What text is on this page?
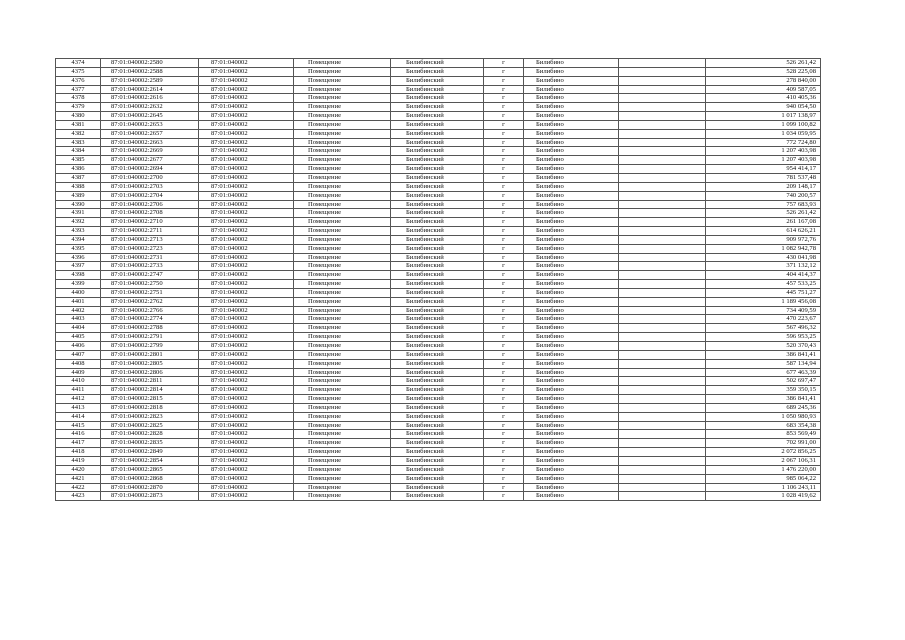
4374	87:01:040002:2580	87:01:040002	Помещение	Билибинский	г	Билибино		526 261,42
4375	87:01:040002:2588	87:01:040002	Помещение	Билибинский	г	Билибино		528 225,08
4376	87:01:040002:2589	87:01:040002	Помещение	Билибинский	г	Билибино		278 840,00
4377	87:01:040002:2614	87:01:040002	Помещение	Билибинский	г	Билибино		409 587,05
4378	87:01:040002:2616	87:01:040002	Помещение	Билибинский	г	Билибино		410 405,36
4379	87:01:040002:2632	87:01:040002	Помещение	Билибинский	г	Билибино		940 054,50
4380	87:01:040002:2645	87:01:040002	Помещение	Билибинский	г	Билибино		1 017 138,97
4381	87:01:040002:2653	87:01:040002	Помещение	Билибинский	г	Билибино		1 099 100,82
4382	87:01:040002:2657	87:01:040002	Помещение	Билибинский	г	Билибино		1 034 059,95
4383	87:01:040002:2663	87:01:040002	Помещение	Билибинский	г	Билибино		772 724,80
4384	87:01:040002:2669	87:01:040002	Помещение	Билибинский	г	Билибино		1 207 403,98
4385	87:01:040002:2677	87:01:040002	Помещение	Билибинский	г	Билибино		1 207 403,98
4386	87:01:040002:2694	87:01:040002	Помещение	Билибинский	г	Билибино		954 414,17
4387	87:01:040002:2700	87:01:040002	Помещение	Билибинский	г	Билибино		781 537,48
4388	87:01:040002:2703	87:01:040002	Помещение	Билибинский	г	Билибино		209 148,17
4389	87:01:040002:2704	87:01:040002	Помещение	Билибинский	г	Билибино		740 200,57
4390	87:01:040002:2706	87:01:040002	Помещение	Билибинский	г	Билибино		757 683,93
4391	87:01:040002:2708	87:01:040002	Помещение	Билибинский	г	Билибино		526 261,42
4392	87:01:040002:2710	87:01:040002	Помещение	Билибинский	г	Билибино		261 167,08
4393	87:01:040002:2711	87:01:040002	Помещение	Билибинский	г	Билибино		614 626,21
4394	87:01:040002:2713	87:01:040002	Помещение	Билибинский	г	Билибино		909 972,76
4395	87:01:040002:2723	87:01:040002	Помещение	Билибинский	г	Билибино		1 082 942,78
4396	87:01:040002:2731	87:01:040002	Помещение	Билибинский	г	Билибино		430 041,98
4397	87:01:040002:2733	87:01:040002	Помещение	Билибинский	г	Билибино		371 132,12
4398	87:01:040002:2747	87:01:040002	Помещение	Билибинский	г	Билибино		404 414,37
4399	87:01:040002:2750	87:01:040002	Помещение	Билибинский	г	Билибино		457 533,25
4400	87:01:040002:2751	87:01:040002	Помещение	Билибинский	г	Билибино		445 751,27
4401	87:01:040002:2762	87:01:040002	Помещение	Билибинский	г	Билибино		1 189 456,08
4402	87:01:040002:2766	87:01:040002	Помещение	Билибинский	г	Билибино		734 409,59
4403	87:01:040002:2774	87:01:040002	Помещение	Билибинский	г	Билибино		470 223,67
4404	87:01:040002:2788	87:01:040002	Помещение	Билибинский	г	Билибино		567 496,32
4405	87:01:040002:2791	87:01:040002	Помещение	Билибинский	г	Билибино		596 953,25
4406	87:01:040002:2799	87:01:040002	Помещение	Билибинский	г	Билибино		520 370,43
4407	87:01:040002:2801	87:01:040002	Помещение	Билибинский	г	Билибино		386 841,41
4408	87:01:040002:2805	87:01:040002	Помещение	Билибинский	г	Билибино		587 134,94
4409	87:01:040002:2806	87:01:040002	Помещение	Билибинский	г	Билибино		677 463,39
4410	87:01:040002:2811	87:01:040002	Помещение	Билибинский	г	Билибино		502 697,47
4411	87:01:040002:2814	87:01:040002	Помещение	Билибинский	г	Билибино		359 350,15
4412	87:01:040002:2815	87:01:040002	Помещение	Билибинский	г	Билибино		386 841,41
4413	87:01:040002:2818	87:01:040002	Помещение	Билибинский	г	Билибино		689 245,36
4414	87:01:040002:2823	87:01:040002	Помещение	Билибинский	г	Билибино		1 050 980,93
4415	87:01:040002:2825	87:01:040002	Помещение	Билибинский	г	Билибино		683 354,38
4416	87:01:040002:2828	87:01:040002	Помещение	Билибинский	г	Билибино		853 569,49
4417	87:01:040002:2835	87:01:040002	Помещение	Билибинский	г	Билибино		702 991,00
4418	87:01:040002:2849	87:01:040002	Помещение	Билибинский	г	Билибино		2 072 856,25
4419	87:01:040002:2854	87:01:040002	Помещение	Билибинский	г	Билибино		2 067 106,31
4420	87:01:040002:2865	87:01:040002	Помещение	Билибинский	г	Билибино		1 476 220,00
4421	87:01:040002:2868	87:01:040002	Помещение	Билибинский	г	Билибино		985 064,22
4422	87:01:040002:2870	87:01:040002	Помещение	Билибинский	г	Билибино		1 106 243,11
4423	87:01:040002:2873	87:01:040002	Помещение	Билибинский	г	Билибино		1 028 419,62
